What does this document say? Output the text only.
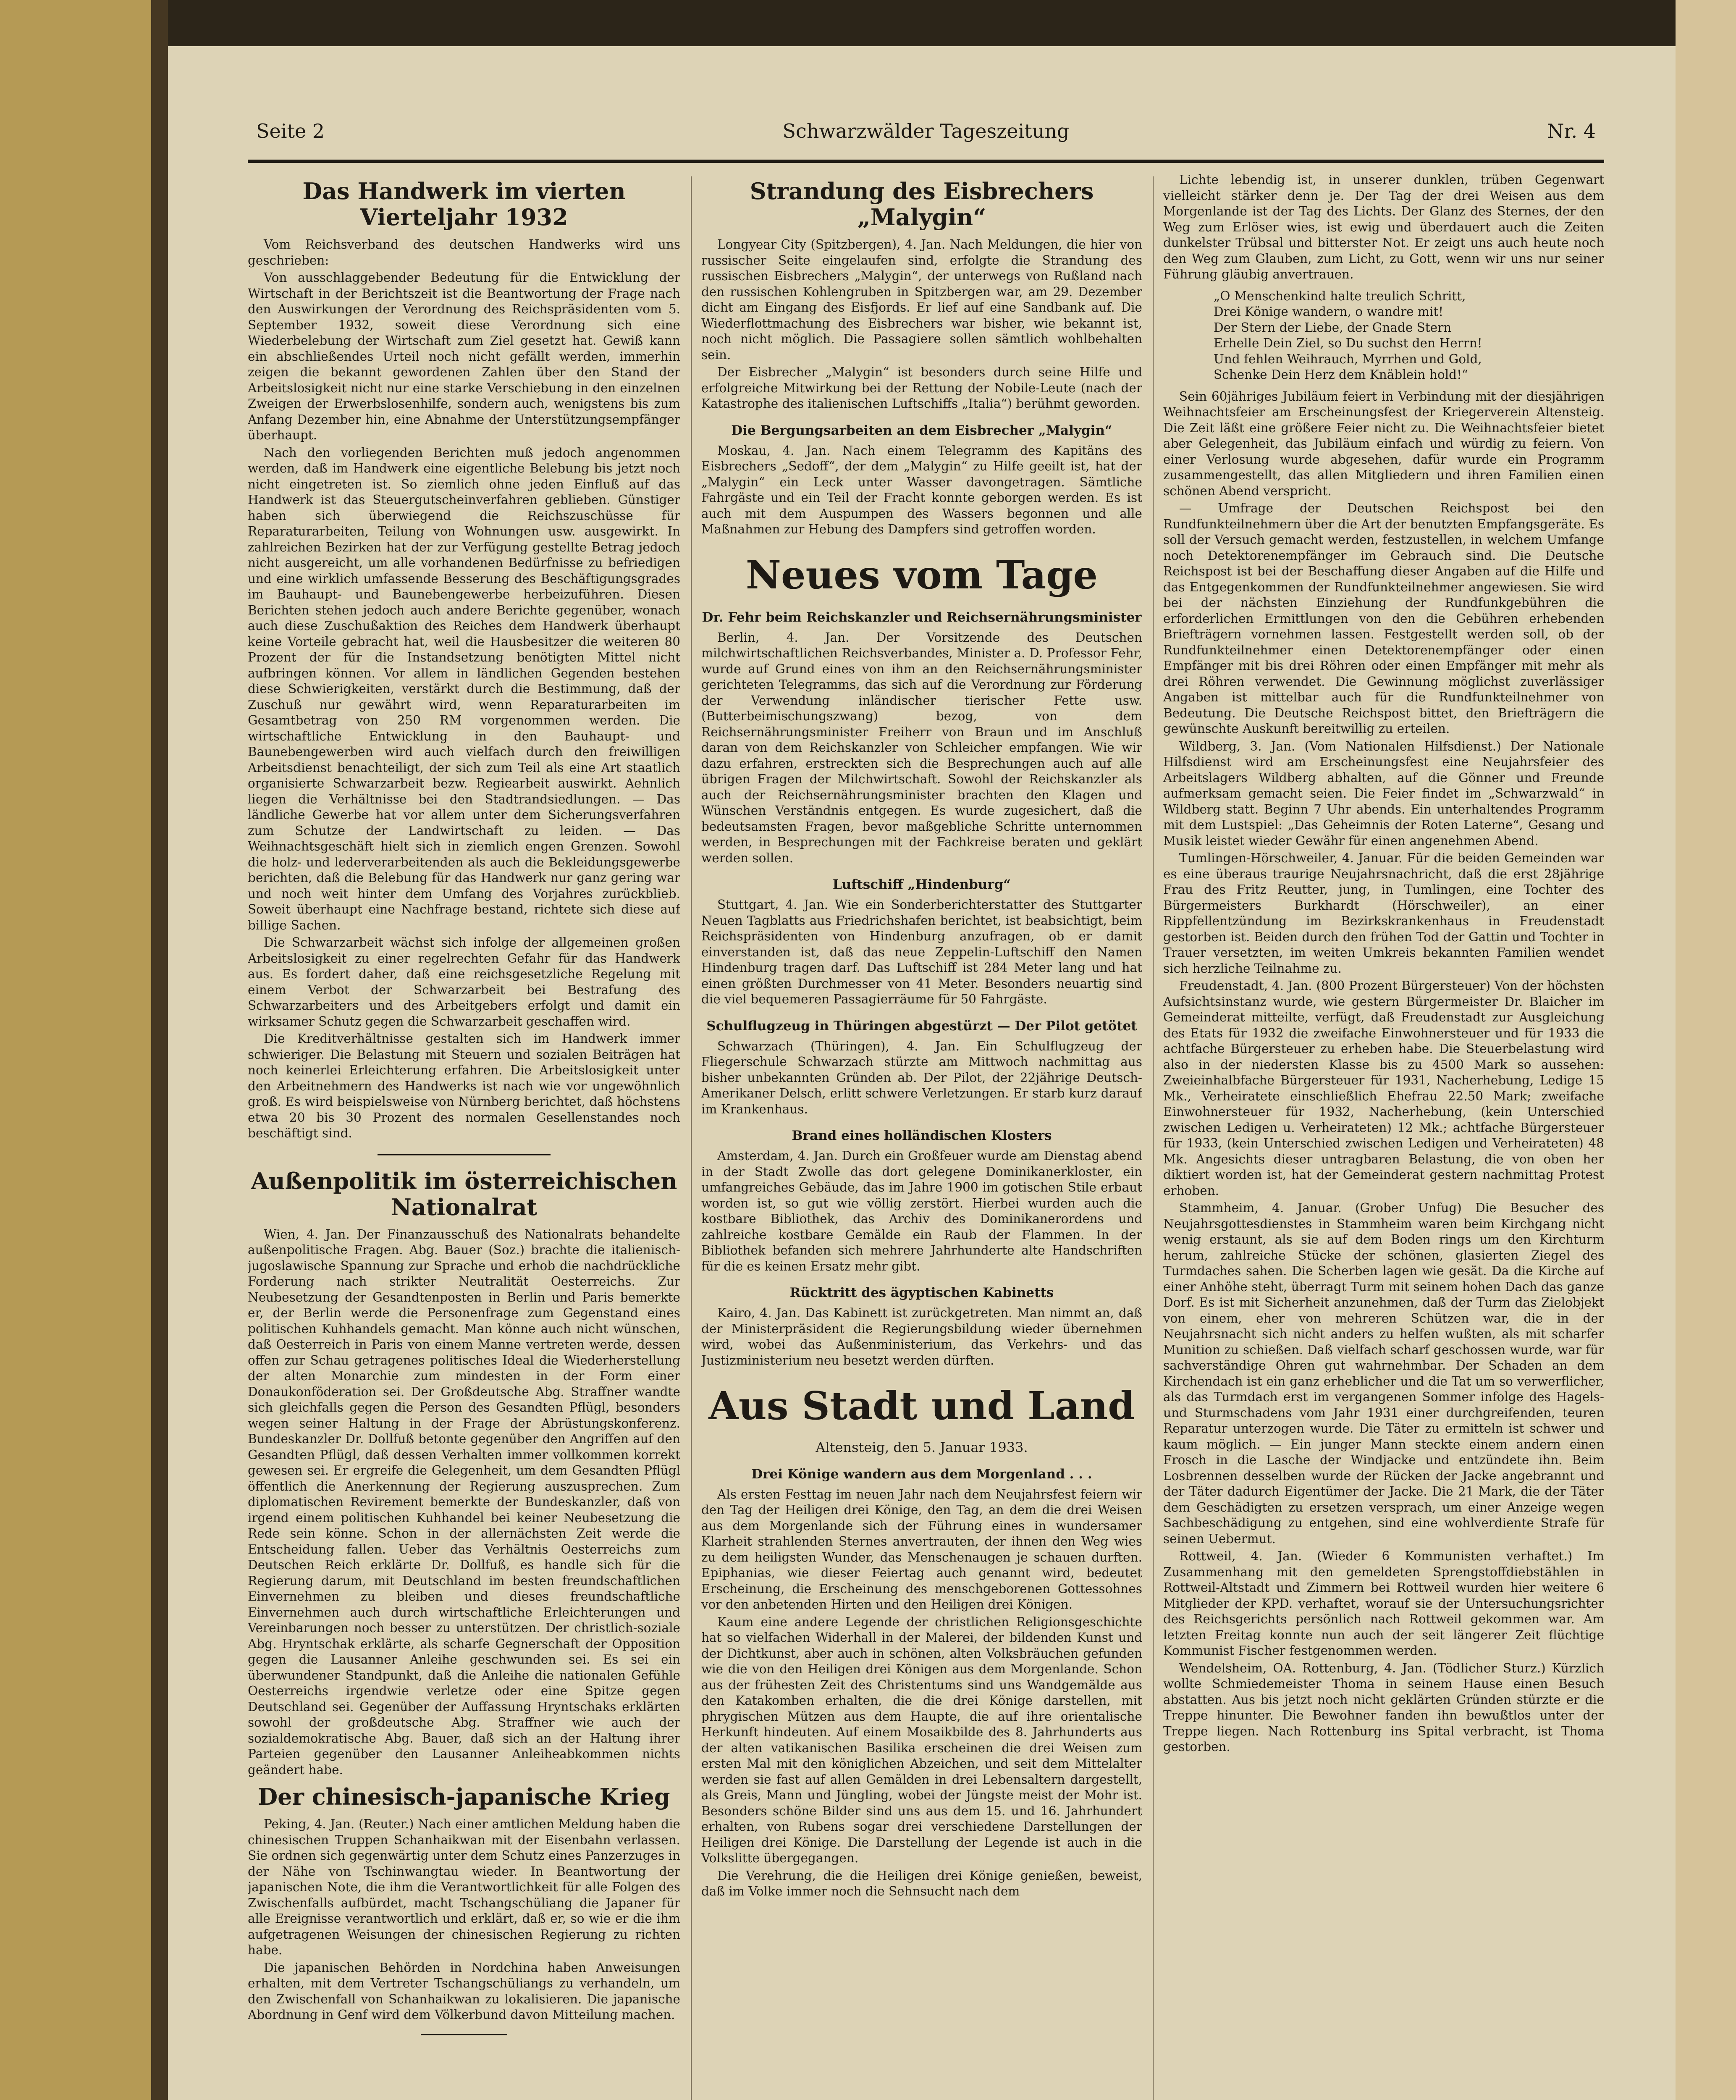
Seite 2	Schwarzwälder Tageszeitung	Nr. 4
Das Handwerk im vierten Vierteljahr 1932

Vom Reichsverband des deutschen Handwerks wird uns geschrieben:

Von ausschlaggebender Bedeutung für die Entwicklung der Wirtschaft in der Berichtszeit ist die Beantwortung der Frage nach den Auswirkungen der Verordnung des Reichspräsidenten vom 5. September 1932, soweit diese Verordnung sich eine Wiederbelebung der Wirtschaft zum Ziel gesetzt hat. Gewiß kann ein abschließendes Urteil noch nicht gefällt werden, immerhin zeigen die bekannt gewordenen Zahlen über den Stand der Arbeitslosigkeit nicht nur eine starke Verschiebung in den einzelnen Zweigen der Erwerbslosenhilfe, sondern auch, wenigstens bis zum Anfang Dezember hin, eine Abnahme der Unterstützungsempfänger überhaupt.

Nach den vorliegenden Berichten muß jedoch angenommen werden, daß im Handwerk eine eigentliche Belebung bis jetzt noch nicht eingetreten ist. So ziemlich ohne jeden Einfluß auf das Handwerk ist das Steuergutscheinverfahren geblieben. Günstiger haben sich überwiegend die Reichszuschüsse für Reparaturarbeiten, Teilung von Wohnungen usw. ausgewirkt. In zahlreichen Bezirken hat der zur Verfügung gestellte Betrag jedoch nicht ausgereicht, um alle vorhandenen Bedürfnisse zu befriedigen und eine wirklich umfassende Besserung des Beschäftigungsgrades im Bauhaupt- und Baunebengewerbe herbeizuführen. Diesen Berichten stehen jedoch auch andere Berichte gegenüber, wonach auch diese Zuschußaktion des Reiches dem Handwerk überhaupt keine Vorteile gebracht hat, weil die Hausbesitzer die weiteren 80 Prozent der für die Instandsetzung benötigten Mittel nicht aufbringen können. Vor allem in ländlichen Gegenden bestehen diese Schwierigkeiten, verstärkt durch die Bestimmung, daß der Zuschuß nur gewährt wird, wenn Reparaturarbeiten im Gesamtbetrag von 250 RM vorgenommen werden. Die wirtschaftliche Entwicklung in den Bauhaupt- und Baunebengewerben wird auch vielfach durch den freiwilligen Arbeitsdienst benachteiligt, der sich zum Teil als eine Art staatlich organisierte Schwarzarbeit bezw. Regiearbeit auswirkt. Aehnlich liegen die Verhältnisse bei den Stadtrandsiedlungen. — Das ländliche Gewerbe hat vor allem unter dem Sicherungsverfahren zum Schutze der Landwirtschaft zu leiden. — Das Weihnachtsgeschäft hielt sich in ziemlich engen Grenzen. Sowohl die holz- und lederverarbeitenden als auch die Bekleidungsgewerbe berichten, daß die Belebung für das Handwerk nur ganz gering war und noch weit hinter dem Umfang des Vorjahres zurückblieb. Soweit überhaupt eine Nachfrage bestand, richtete sich diese auf billige Sachen.

Die Schwarzarbeit wächst sich infolge der allgemeinen großen Arbeitslosigkeit zu einer regelrechten Gefahr für das Handwerk aus. Es fordert daher, daß eine reichsgesetzliche Regelung mit einem Verbot der Schwarzarbeit bei Bestrafung des Schwarzarbeiters und des Arbeitgebers erfolgt und damit ein wirksamer Schutz gegen die Schwarzarbeit geschaffen wird.

Die Kreditverhältnisse gestalten sich im Handwerk immer schwieriger. Die Belastung mit Steuern und sozialen Beiträgen hat noch keinerlei Erleichterung erfahren. Die Arbeitslosigkeit unter den Arbeitnehmern des Handwerks ist nach wie vor ungewöhnlich groß. Es wird beispielsweise von Nürnberg berichtet, daß höchstens etwa 20 bis 30 Prozent des normalen Gesellenstandes noch beschäftigt sind.

Außenpolitik im österreichischen Nationalrat

Wien, 4. Jan. Der Finanzausschuß des Nationalrats behandelte außenpolitische Fragen. Abg. Bauer (Soz.) brachte die italienisch-jugoslawische Spannung zur Sprache und erhob die nachdrückliche Forderung nach strikter Neutralität Oesterreichs. Zur Neubesetzung der Gesandtenposten in Berlin und Paris bemerkte er, der Berlin werde die Personenfrage zum Gegenstand eines politischen Kuhhandels gemacht. Man könne auch nicht wünschen, daß Oesterreich in Paris von einem Manne vertreten werde, dessen offen zur Schau getragenes politisches Ideal die Wiederherstellung der alten Monarchie zum mindesten in der Form einer Donaukonföderation sei. Der Großdeutsche Abg. Straffner wandte sich gleichfalls gegen die Person des Gesandten Pflügl, besonders wegen seiner Haltung in der Frage der Abrüstungskonferenz. Bundeskanzler Dr. Dollfuß betonte gegenüber den Angriffen auf den Gesandten Pflügl, daß dessen Verhalten immer vollkommen korrekt gewesen sei. Er ergreife die Gelegenheit, um dem Gesandten Pflügl öffentlich die Anerkennung der Regierung auszusprechen. Zum diplomatischen Revirement bemerkte der Bundeskanzler, daß von irgend einem politischen Kuhhandel bei keiner Neubesetzung die Rede sein könne. Schon in der allernächsten Zeit werde die Entscheidung fallen. Ueber das Verhältnis Oesterreichs zum Deutschen Reich erklärte Dr. Dollfuß, es handle sich für die Regierung darum, mit Deutschland im besten freundschaftlichen Einvernehmen zu bleiben und dieses freundschaftliche Einvernehmen auch durch wirtschaftliche Erleichterungen und Vereinbarungen noch besser zu unterstützen. Der christlich-soziale Abg. Hryntschak erklärte, als scharfe Gegnerschaft der Opposition gegen die Lausanner Anleihe geschwunden sei. Es sei ein überwundener Standpunkt, daß die Anleihe die nationalen Gefühle Oesterreichs irgendwie verletze oder eine Spitze gegen Deutschland sei. Gegenüber der Auffassung Hryntschaks erklärten sowohl der großdeutsche Abg. Straffner wie auch der sozialdemokratische Abg. Bauer, daß sich an der Haltung ihrer Parteien gegenüber den Lausanner Anleiheabkommen nichts geändert habe.

Der chinesisch-japanische Krieg

Peking, 4. Jan. (Reuter.) Nach einer amtlichen Meldung haben die chinesischen Truppen Schanhaikwan mit der Eisenbahn verlassen. Sie ordnen sich gegenwärtig unter dem Schutz eines Panzerzuges in der Nähe von Tschinwangtau wieder. In Beantwortung der japanischen Note, die ihm die Verantwortlichkeit für alle Folgen des Zwischenfalls aufbürdet, macht Tschangschüliang die Japaner für alle Ereignisse verantwortlich und erklärt, daß er, so wie er die ihm aufgetragenen Weisungen der chinesischen Regierung zu richten habe.

Die japanischen Behörden in Nordchina haben Anweisungen erhalten, mit dem Vertreter Tschangschüliangs zu verhandeln, um den Zwischenfall von Schanhaikwan zu lokalisieren. Die japanische Abordnung in Genf wird dem Völkerbund davon Mitteilung machen.

Strandung des Eisbrechers „Malygin“

Longyear City (Spitzbergen), 4. Jan. Nach Meldungen, die hier von russischer Seite eingelaufen sind, erfolgte die Strandung des russischen Eisbrechers „Malygin“, der unterwegs von Rußland nach den russischen Kohlengruben in Spitzbergen war, am 29. Dezember dicht am Eingang des Eisfjords. Er lief auf eine Sandbank auf. Die Wiederflottmachung des Eisbrechers war bisher, wie bekannt ist, noch nicht möglich. Die Passagiere sollen sämtlich wohlbehalten sein.

Der Eisbrecher „Malygin“ ist besonders durch seine Hilfe und erfolgreiche Mitwirkung bei der Rettung der Nobile-Leute (nach der Katastrophe des italienischen Luftschiffs „Italia“) berühmt geworden.

Die Bergungsarbeiten an dem Eisbrecher „Malygin“

Moskau, 4. Jan. Nach einem Telegramm des Kapitäns des Eisbrechers „Sedoff“, der dem „Malygin“ zu Hilfe geeilt ist, hat der „Malygin“ ein Leck unter Wasser davongetragen. Sämtliche Fahrgäste und ein Teil der Fracht konnte geborgen werden. Es ist auch mit dem Auspumpen des Wassers begonnen und alle Maßnahmen zur Hebung des Dampfers sind getroffen worden.

Neues vom Tage
Dr. Fehr beim Reichskanzler und Reichsernährungsminister

Berlin, 4. Jan. Der Vorsitzende des Deutschen milchwirtschaftlichen Reichsverbandes, Minister a. D. Professor Fehr, wurde auf Grund eines von ihm an den Reichsernährungsminister gerichteten Telegramms, das sich auf die Verordnung zur Förderung der Verwendung inländischer tierischer Fette usw. (Butterbeimischungszwang) bezog, von dem Reichsernährungsminister Freiherr von Braun und im Anschluß daran von dem Reichskanzler von Schleicher empfangen. Wie wir dazu erfahren, erstreckten sich die Besprechungen auch auf alle übrigen Fragen der Milchwirtschaft. Sowohl der Reichskanzler als auch der Reichsernährungsminister brachten den Klagen und Wünschen Verständnis entgegen. Es wurde zugesichert, daß die bedeutsamsten Fragen, bevor maßgebliche Schritte unternommen werden, in Besprechungen mit der Fachkreise beraten und geklärt werden sollen.

Luftschiff „Hindenburg“

Stuttgart, 4. Jan. Wie ein Sonderberichterstatter des Stuttgarter Neuen Tagblatts aus Friedrichshafen berichtet, ist beabsichtigt, beim Reichspräsidenten von Hindenburg anzufragen, ob er damit einverstanden ist, daß das neue Zeppelin-Luftschiff den Namen Hindenburg tragen darf. Das Luftschiff ist 284 Meter lang und hat einen größten Durchmesser von 41 Meter. Besonders neuartig sind die viel bequemeren Passagierräume für 50 Fahrgäste.

Schulflugzeug in Thüringen abgestürzt — Der Pilot getötet

Schwarzach (Thüringen), 4. Jan. Ein Schulflugzeug der Fliegerschule Schwarzach stürzte am Mittwoch nachmittag aus bisher unbekannten Gründen ab. Der Pilot, der 22jährige Deutsch-Amerikaner Delsch, erlitt schwere Verletzungen. Er starb kurz darauf im Krankenhaus.

Brand eines holländischen Klosters

Amsterdam, 4. Jan. Durch ein Großfeuer wurde am Dienstag abend in der Stadt Zwolle das dort gelegene Dominikanerkloster, ein umfangreiches Gebäude, das im Jahre 1900 im gotischen Stile erbaut worden ist, so gut wie völlig zerstört. Hierbei wurden auch die kostbare Bibliothek, das Archiv des Dominikanerordens und zahlreiche kostbare Gemälde ein Raub der Flammen. In der Bibliothek befanden sich mehrere Jahrhunderte alte Handschriften für die es keinen Ersatz mehr gibt.

Rücktritt des ägyptischen Kabinetts

Kairo, 4. Jan. Das Kabinett ist zurückgetreten. Man nimmt an, daß der Ministerpräsident die Regierungsbildung wieder übernehmen wird, wobei das Außenministerium, das Verkehrs- und das Justizministerium neu besetzt werden dürften.

Aus Stadt und Land

Altensteig, den 5. Januar 1933.

Drei Könige wandern aus dem Morgenland . . .

Als ersten Festtag im neuen Jahr nach dem Neujahrsfest feiern wir den Tag der Heiligen drei Könige, den Tag, an dem die drei Weisen aus dem Morgenlande sich der Führung eines in wundersamer Klarheit strahlenden Sternes anvertrauten, der ihnen den Weg wies zu dem heiligsten Wunder, das Menschenaugen je schauen durften. Epiphanias, wie dieser Feiertag auch genannt wird, bedeutet Erscheinung, die Erscheinung des menschgeborenen Gottessohnes vor den anbetenden Hirten und den Heiligen drei Königen.

Kaum eine andere Legende der christlichen Religionsgeschichte hat so vielfachen Widerhall in der Malerei, der bildenden Kunst und der Dichtkunst, aber auch in schönen, alten Volksbräuchen gefunden wie die von den Heiligen drei Königen aus dem Morgenlande. Schon aus der frühesten Zeit des Christentums sind uns Wandgemälde aus den Katakomben erhalten, die die drei Könige darstellen, mit phrygischen Mützen aus dem Haupte, die auf ihre orientalische Herkunft hindeuten. Auf einem Mosaikbilde des 8. Jahrhunderts aus der alten vatikanischen Basilika erscheinen die drei Weisen zum ersten Mal mit den königlichen Abzeichen, und seit dem Mittelalter werden sie fast auf allen Gemälden in drei Lebensaltern dargestellt, als Greis, Mann und Jüngling, wobei der Jüngste meist der Mohr ist. Besonders schöne Bilder sind uns aus dem 15. und 16. Jahrhundert erhalten, von Rubens sogar drei verschiedene Darstellungen der Heiligen drei Könige. Die Darstellung der Legende ist auch in die Volkslitte übergegangen.

Die Verehrung, die die Heiligen drei Könige genießen, beweist, daß im Volke immer noch die Sehnsucht nach dem

Lichte lebendig ist, in unserer dunklen, trüben Gegenwart vielleicht stärker denn je. Der Tag der drei Weisen aus dem Morgenlande ist der Tag des Lichts. Der Glanz des Sternes, der den Weg zum Erlöser wies, ist ewig und überdauert auch die Zeiten dunkelster Trübsal und bitterster Not. Er zeigt uns auch heute noch den Weg zum Glauben, zum Licht, zu Gott, wenn wir uns nur seiner Führung gläubig anvertrauen.

„O Menschenkind halte treulich Schritt,
Drei Könige wandern, o wandre mit!
Der Stern der Liebe, der Gnade Stern
Erhelle Dein Ziel, so Du suchst den Herrn!
Und fehlen Weihrauch, Myrrhen und Gold,
Schenke Dein Herz dem Knäblein hold!“

Sein 60jähriges Jubiläum feiert in Verbindung mit der diesjährigen Weihnachtsfeier am Erscheinungsfest der Kriegerverein Altensteig. Die Zeit läßt eine größere Feier nicht zu. Die Weihnachtsfeier bietet aber Gelegenheit, das Jubiläum einfach und würdig zu feiern. Von einer Verlosung wurde abgesehen, dafür wurde ein Programm zusammengestellt, das allen Mitgliedern und ihren Familien einen schönen Abend verspricht.

— Umfrage der Deutschen Reichspost bei den Rundfunkteilnehmern über die Art der benutzten Empfangsgeräte. Es soll der Versuch gemacht werden, festzustellen, in welchem Umfange noch Detektorenempfänger im Gebrauch sind. Die Deutsche Reichspost ist bei der Beschaffung dieser Angaben auf die Hilfe und das Entgegenkommen der Rundfunkteilnehmer angewiesen. Sie wird bei der nächsten Einziehung der Rundfunkgebühren die erforderlichen Ermittlungen von den die Gebühren erhebenden Briefträgern vornehmen lassen. Festgestellt werden soll, ob der Rundfunkteilnehmer einen Detektorenempfänger oder einen Empfänger mit bis drei Röhren oder einen Empfänger mit mehr als drei Röhren verwendet. Die Gewinnung möglichst zuverlässiger Angaben ist mittelbar auch für die Rundfunkteilnehmer von Bedeutung. Die Deutsche Reichspost bittet, den Briefträgern die gewünschte Auskunft bereitwillig zu erteilen.

Wildberg, 3. Jan. (Vom Nationalen Hilfsdienst.) Der Nationale Hilfsdienst wird am Erscheinungsfest eine Neujahrsfeier des Arbeitslagers Wildberg abhalten, auf die Gönner und Freunde aufmerksam gemacht seien. Die Feier findet im „Schwarzwald“ in Wildberg statt. Beginn 7 Uhr abends. Ein unterhaltendes Programm mit dem Lustspiel: „Das Geheimnis der Roten Laterne“, Gesang und Musik leistet wieder Gewähr für einen angenehmen Abend.

Tumlingen-Hörschweiler, 4. Januar. Für die beiden Gemeinden war es eine überaus traurige Neujahrsnachricht, daß die erst 28jährige Frau des Fritz Reutter, jung, in Tumlingen, eine Tochter des Bürgermeisters Burkhardt (Hörschweiler), an einer Rippfellentzündung im Bezirkskrankenhaus in Freudenstadt gestorben ist. Beiden durch den frühen Tod der Gattin und Tochter in Trauer versetzten, im weiten Umkreis bekannten Familien wendet sich herzliche Teilnahme zu.

Freudenstadt, 4. Jan. (800 Prozent Bürgersteuer) Von der höchsten Aufsichtsinstanz wurde, wie gestern Bürgermeister Dr. Blaicher im Gemeinderat mitteilte, verfügt, daß Freudenstadt zur Ausgleichung des Etats für 1932 die zweifache Einwohnersteuer und für 1933 die achtfache Bürgersteuer zu erheben habe. Die Steuerbelastung wird also in der niedersten Klasse bis zu 4500 Mark so aussehen: Zweieinhalbfache Bürgersteuer für 1931, Nacherhebung, Ledige 15 Mk., Verheiratete einschließlich Ehefrau 22.50 Mark; zweifache Einwohnersteuer für 1932, Nacherhebung, (kein Unterschied zwischen Ledigen u. Verheirateten) 12 Mk.; achtfache Bürgersteuer für 1933, (kein Unterschied zwischen Ledigen und Verheirateten) 48 Mk. Angesichts dieser untragbaren Belastung, die von oben her diktiert worden ist, hat der Gemeinderat gestern nachmittag Protest erhoben.

Stammheim, 4. Januar. (Grober Unfug) Die Besucher des Neujahrsgottesdienstes in Stammheim waren beim Kirchgang nicht wenig erstaunt, als sie auf dem Boden rings um den Kirchturm herum, zahlreiche Stücke der schönen, glasierten Ziegel des Turmdaches sahen. Die Scherben lagen wie gesät. Da die Kirche auf einer Anhöhe steht, überragt Turm mit seinem hohen Dach das ganze Dorf. Es ist mit Sicherheit anzunehmen, daß der Turm das Zielobjekt von einem, eher von mehreren Schützen war, die in der Neujahrsnacht sich nicht anders zu helfen wußten, als mit scharfer Munition zu schießen. Daß vielfach scharf geschossen wurde, war für sachverständige Ohren gut wahrnehmbar. Der Schaden an dem Kirchendach ist ein ganz erheblicher und die Tat um so verwerflicher, als das Turmdach erst im vergangenen Sommer infolge des Hagels- und Sturmschadens vom Jahr 1931 einer durchgreifenden, teuren Reparatur unterzogen wurde. Die Täter zu ermitteln ist schwer und kaum möglich. — Ein junger Mann steckte einem andern einen Frosch in die Lasche der Windjacke und entzündete ihn. Beim Losbrennen desselben wurde der Rücken der Jacke angebrannt und der Täter dadurch Eigentümer der Jacke. Die 21 Mark, die der Täter dem Geschädigten zu ersetzen versprach, um einer Anzeige wegen Sachbeschädigung zu entgehen, sind eine wohlverdiente Strafe für seinen Uebermut.

Rottweil, 4. Jan. (Wieder 6 Kommunisten verhaftet.) Im Zusammenhang mit den gemeldeten Sprengstoffdiebstählen in Rottweil-Altstadt und Zimmern bei Rottweil wurden hier weitere 6 Mitglieder der KPD. verhaftet, worauf sie der Untersuchungsrichter des Reichsgerichts persönlich nach Rottweil gekommen war. Am letzten Freitag konnte nun auch der seit längerer Zeit flüchtige Kommunist Fischer festgenommen werden.

Wendelsheim, OA. Rottenburg, 4. Jan. (Tödlicher Sturz.) Kürzlich wollte Schmiedemeister Thoma in seinem Hause einen Besuch abstatten. Aus bis jetzt noch nicht geklärten Gründen stürzte er die Treppe hinunter. Die Bewohner fanden ihn bewußtlos unter der Treppe liegen. Nach Rottenburg ins Spital verbracht, ist Thoma gestorben.
